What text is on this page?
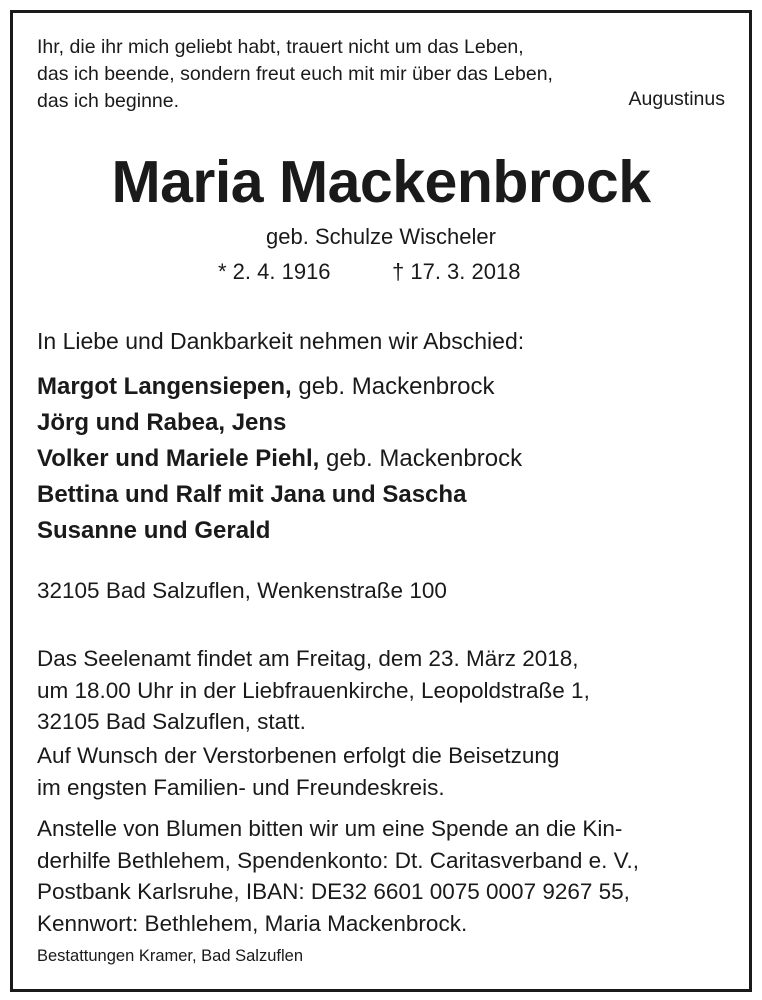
Ihr, die ihr mich geliebt habt, trauert nicht um das Leben,
das ich beende, sondern freut euch mit mir über das Leben,
das ich beginne.	Augustinus
Maria Mackenbrock
geb. Schulze Wischeler
* 2. 4. 1916	† 17. 3. 2018
In Liebe und Dankbarkeit nehmen wir Abschied:
Margot Langensiepen, geb. Mackenbrock
Jörg und Rabea, Jens
Volker und Mariele Piehl, geb. Mackenbrock
Bettina und Ralf mit Jana und Sascha
Susanne und Gerald
32105 Bad Salzuflen, Wenkenstraße 100
Das Seelenamt findet am Freitag, dem 23. März 2018,
um 18.00 Uhr in der Liebfrauenkirche, Leopoldstraße 1,
32105 Bad Salzuflen, statt.
Auf Wunsch der Verstorbenen erfolgt die Beisetzung
im engsten Familien- und Freundeskreis.
Anstelle von Blumen bitten wir um eine Spende an die Kin-
derhilfe Bethlehem, Spendenkonto: Dt. Caritasverband e. V.,
Postbank Karlsruhe, IBAN: DE32 6601 0075 0007 9267 55,
Kennwort: Bethlehem, Maria Mackenbrock.
Bestattungen Kramer, Bad Salzuflen
